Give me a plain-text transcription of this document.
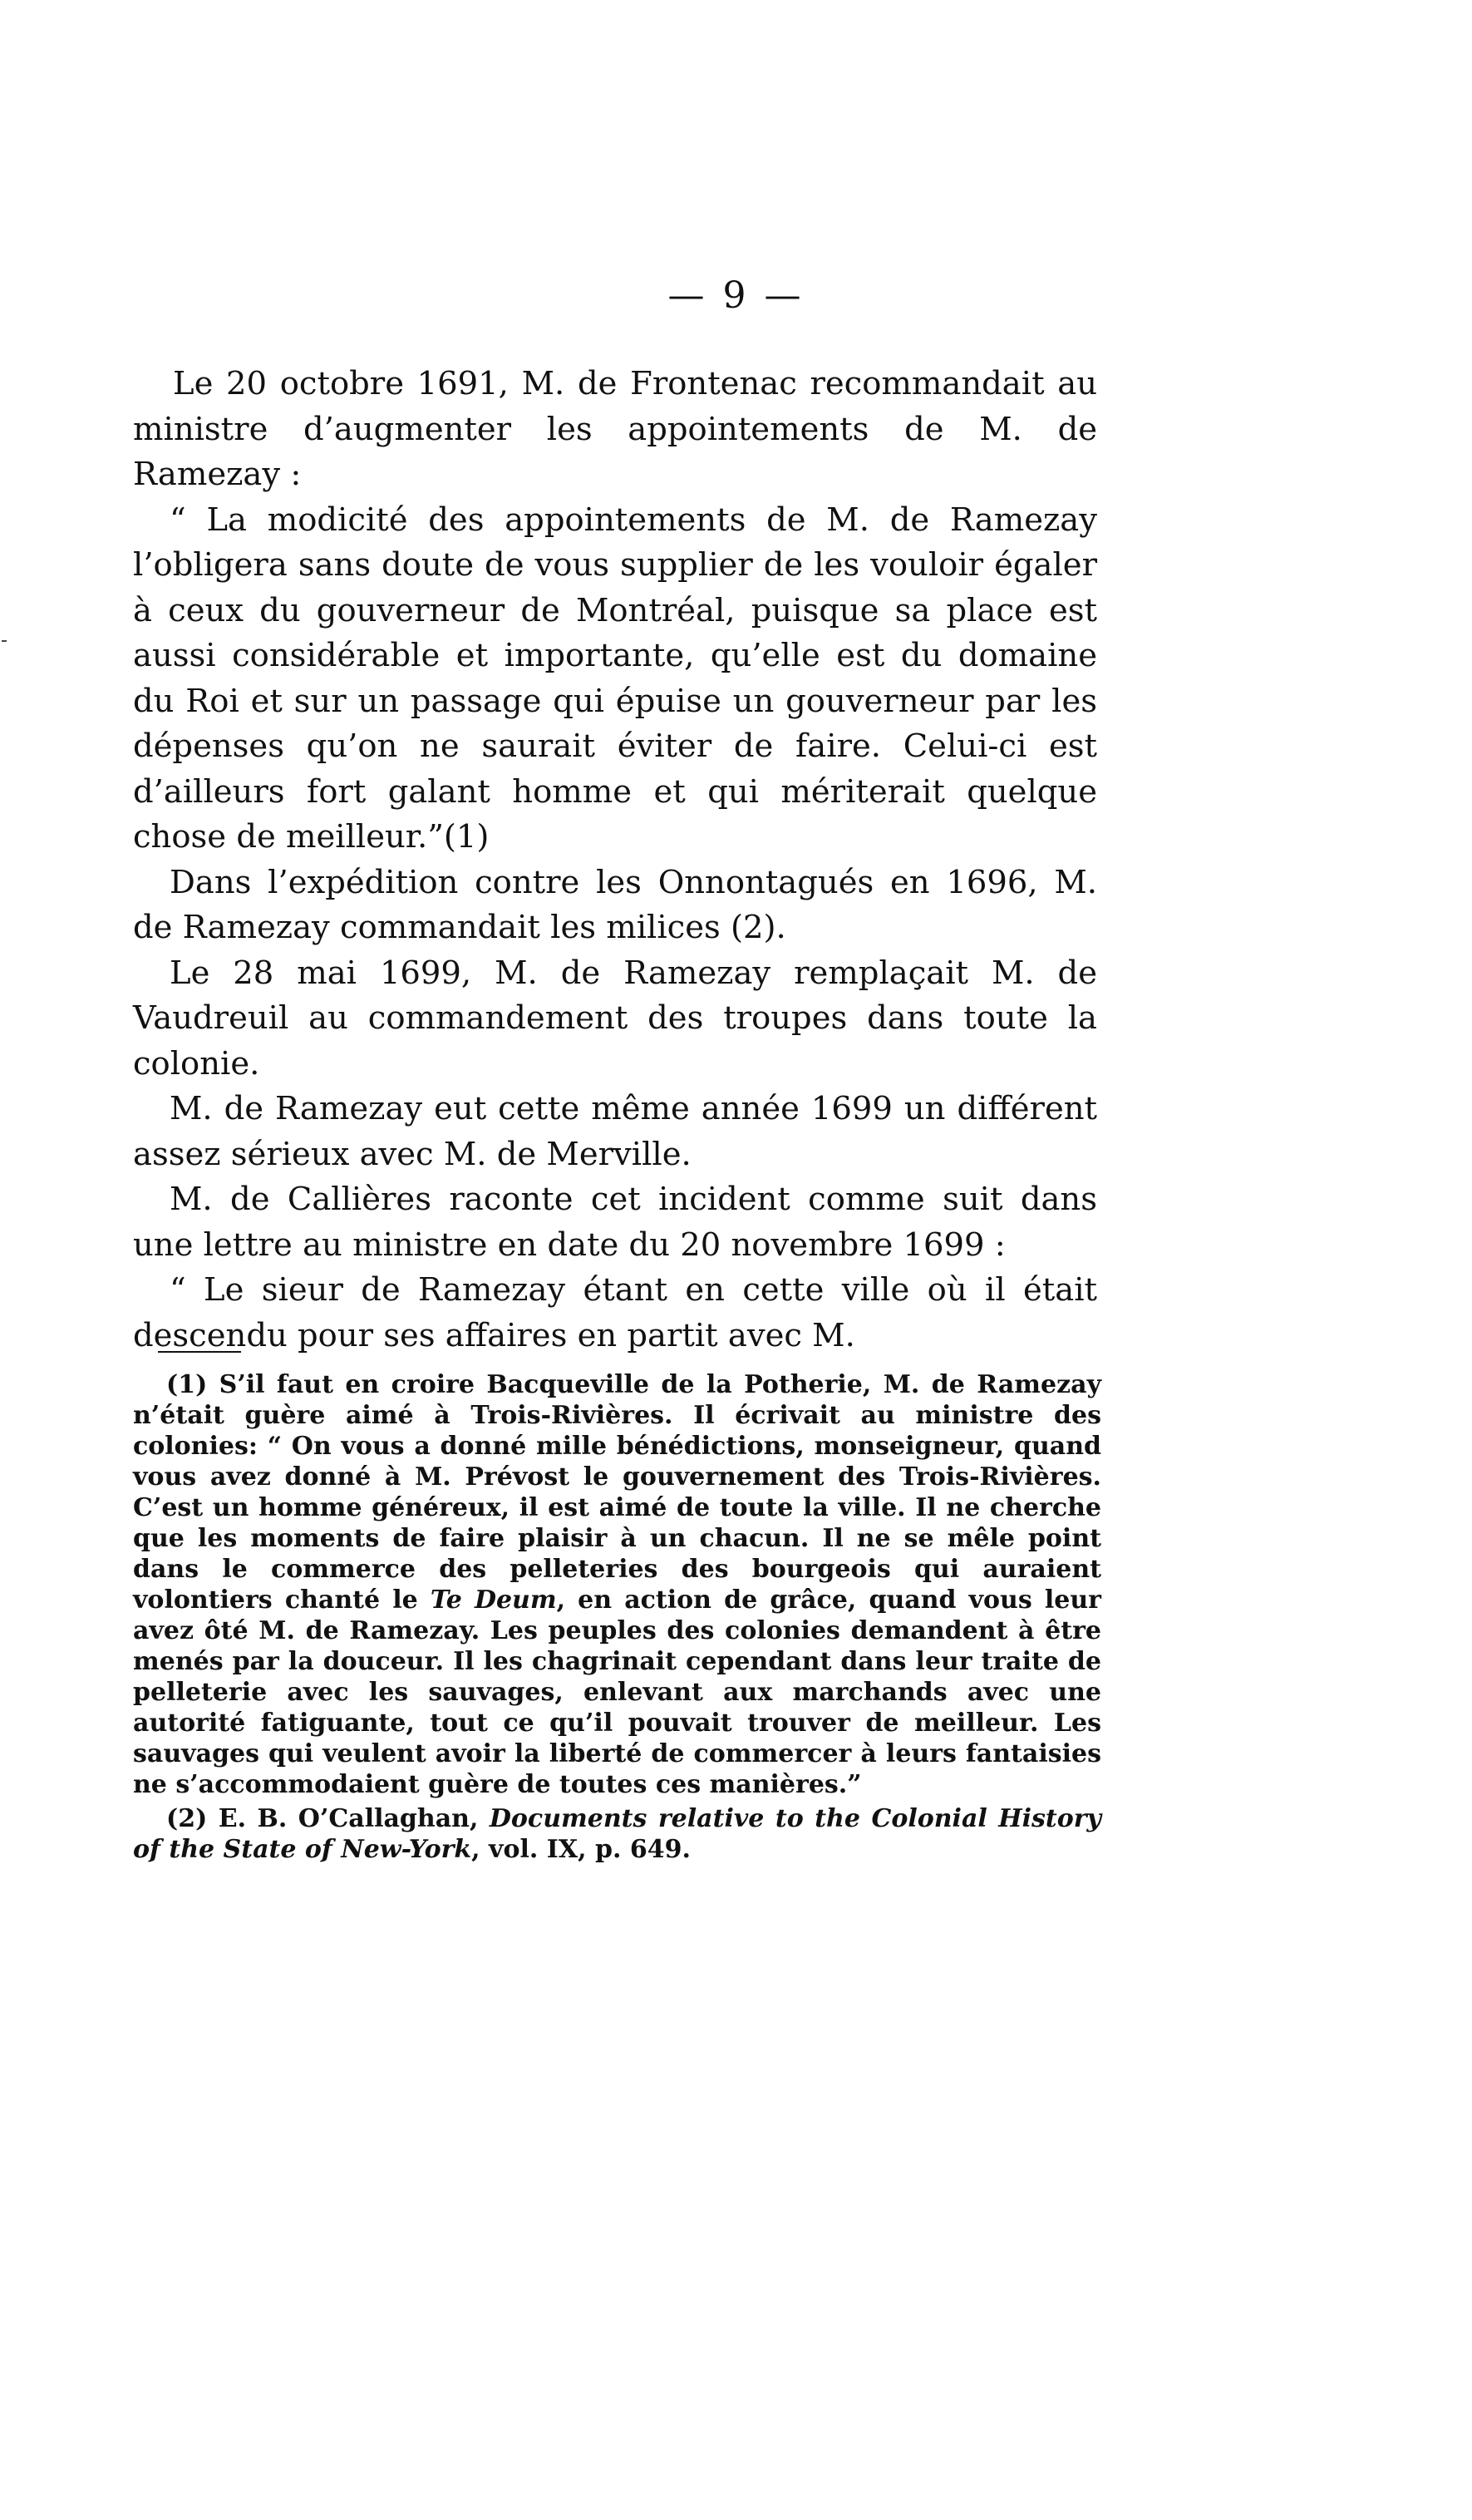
— 9 —

Le 20 octobre 1691, M. de Frontenac recommandait au ministre d’augmenter les appointements de M. de Ramezay :

“ La modicité des appointements de M. de Ramezay l’obligera sans doute de vous supplier de les vouloir égaler à ceux du gouverneur de Montréal, puisque sa place est aussi considérable et importante, qu’elle est du domaine du Roi et sur un passage qui épuise un gouverneur par les dépenses qu’on ne saurait éviter de faire. Celui-ci est d’ailleurs fort galant homme et qui mériterait quelque chose de meilleur.”(1)

Dans l’expédition contre les Onnontagués en 1696, M. de Ramezay commandait les milices (2).

Le 28 mai 1699, M. de Ramezay remplaçait M. de Vaudreuil au commandement des troupes dans toute la colonie.

M. de Ramezay eut cette même année 1699 un différent assez sérieux avec M. de Merville.

M. de Callières raconte cet incident comme suit dans une lettre au ministre en date du 20 novembre 1699 :

“ Le sieur de Ramezay étant en cette ville où il était descendu pour ses affaires en partit avec M.

(1) S’il faut en croire Bacqueville de la Potherie, M. de Ramezay n’était guère aimé à Trois-Rivières. Il écrivait au ministre des colonies: “ On vous a donné mille bénédictions, monseigneur, quand vous avez donné à M. Prévost le gouvernement des Trois-Rivières. C’est un homme généreux, il est aimé de toute la ville. Il ne cherche que les moments de faire plaisir à un chacun. Il ne se mêle point dans le commerce des pelleteries des bourgeois qui auraient volontiers chanté le Te Deum, en action de grâce, quand vous leur avez ôté M. de Ramezay. Les peuples des colonies demandent à être menés par la douceur. Il les chagrinait cependant dans leur traite de pelleterie avec les sauvages, enlevant aux marchands avec une autorité fatiguante, tout ce qu’il pouvait trouver de meilleur. Les sauvages qui veulent avoir la liberté de commercer à leurs fantaisies ne s’accommodaient guère de toutes ces manières.”

(2) E. B. O’Callaghan, Documents relative to the Colonial History of the State of New-York, vol. IX, p. 649.
